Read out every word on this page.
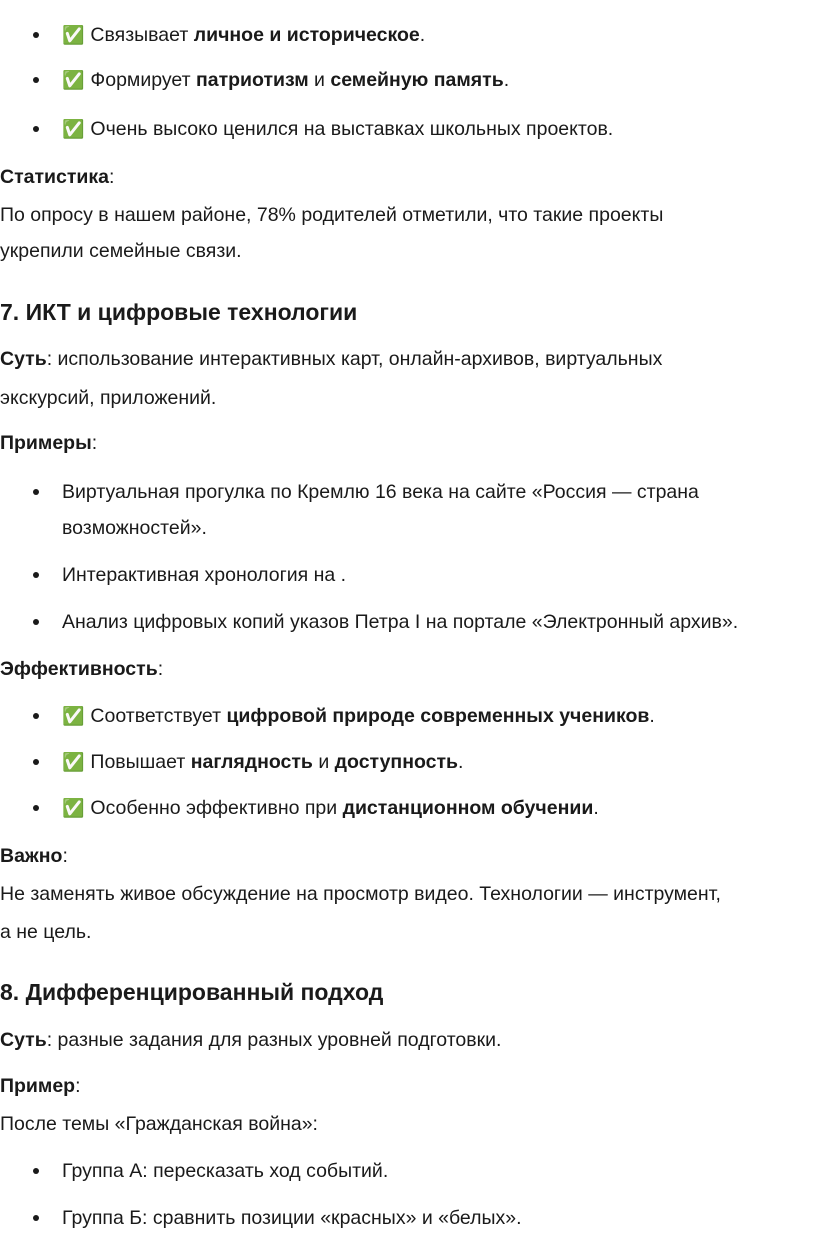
✅ Связывает личное и историческое.
✅ Формирует патриотизм и семейную память.
✅ Очень высоко ценился на выставках школьных проектов.
Статистика:
По опросу в нашем районе, 78% родителей отметили, что такие проекты
укрепили семейные связи.
7. ИКТ и цифровые технологии
Суть: использование интерактивных карт, онлайн-архивов, виртуальных
экскурсий, приложений.
Примеры:
Виртуальная прогулка по Кремлю 16 века на сайте «Россия — страна
возможностей».
Интерактивная хронология на .
Анализ цифровых копий указов Петра I на портале «Электронный архив».
Эффективность:
✅ Соответствует цифровой природе современных учеников.
✅ Повышает наглядность и доступность.
✅ Особенно эффективно при дистанционном обучении.
Важно:
Не заменять живое обсуждение на просмотр видео. Технологии — инструмент,
а не цель.
8. Дифференцированный подход
Суть: разные задания для разных уровней подготовки.
Пример:
После темы «Гражданская война»:
Группа А: пересказать ход событий.
Группа Б: сравнить позиции «красных» и «белых».
